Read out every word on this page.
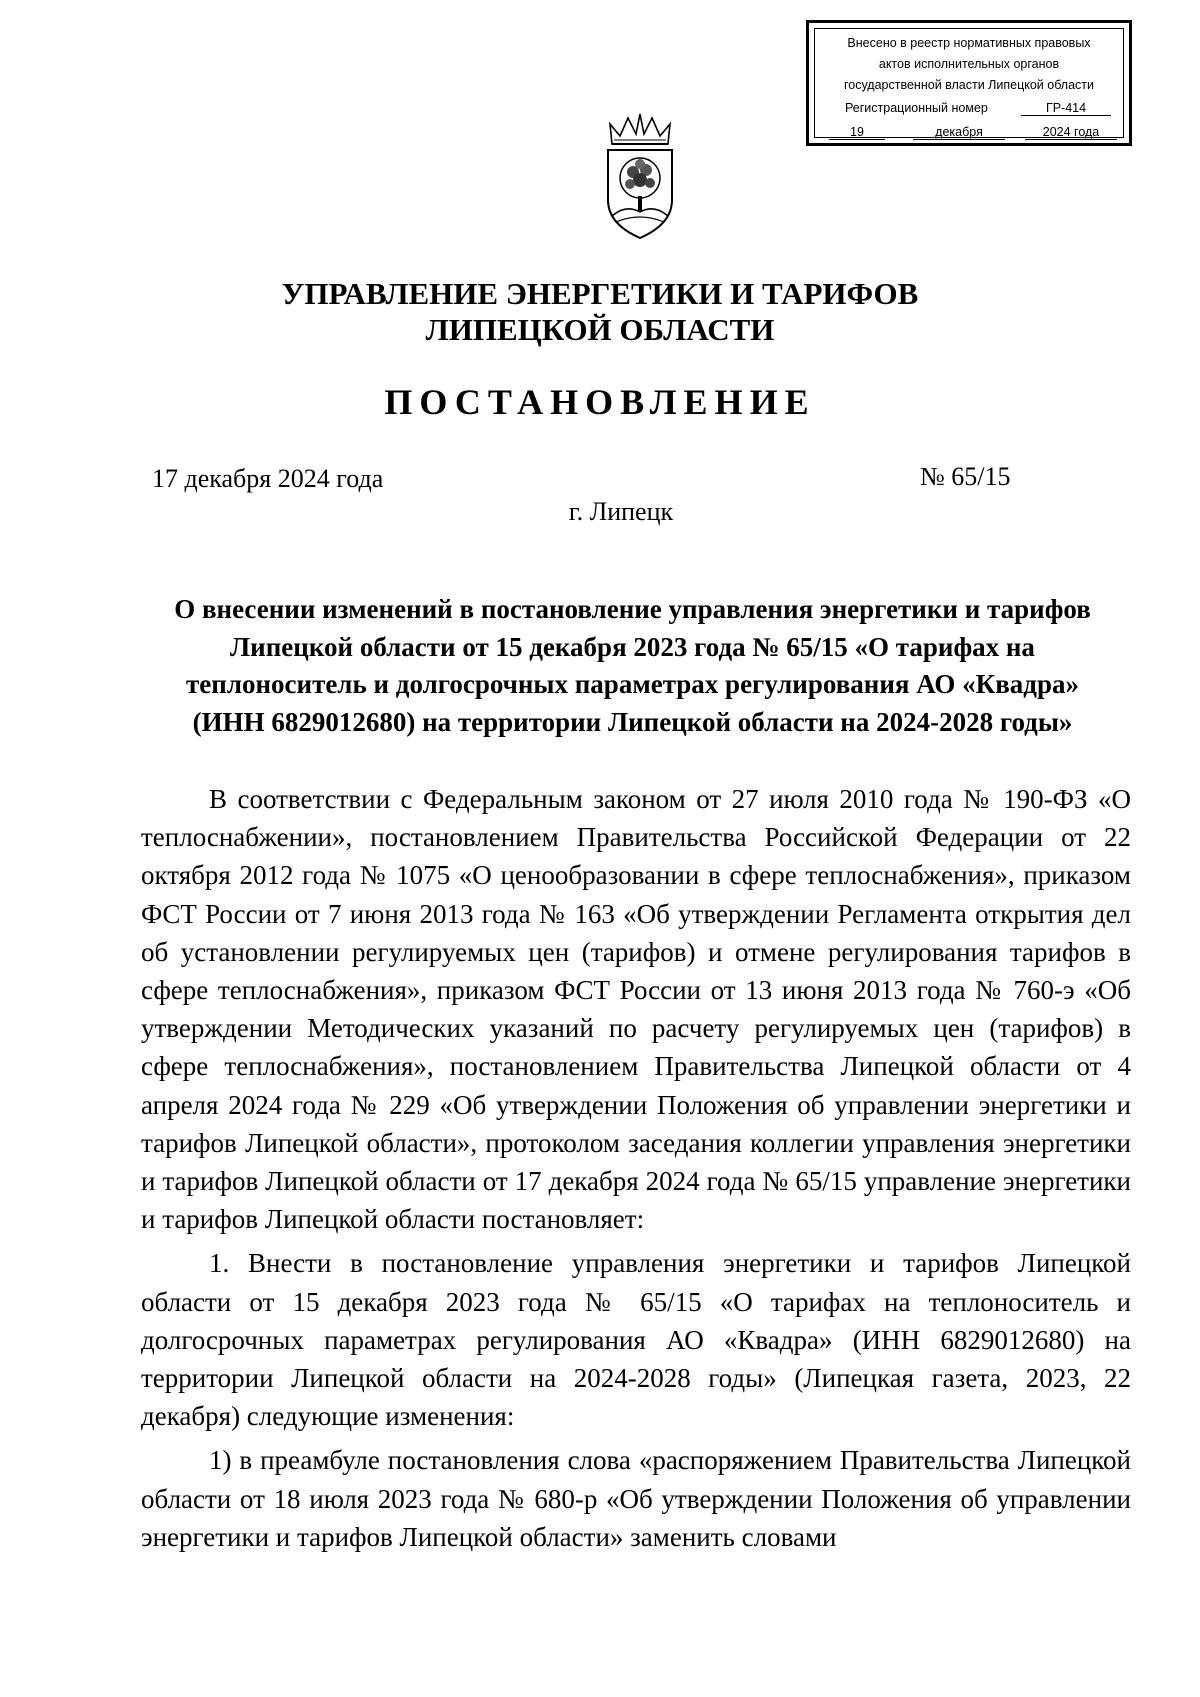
Внесено в реестр нормативных правовых
актов исполнительных органов
государственной власти Липецкой области
Регистрационный номер	ГР-414
19	декабря	2024 года
УПРАВЛЕНИЕ ЭНЕРГЕТИКИ И ТАРИФОВ
ЛИПЕЦКОЙ ОБЛАСТИ
ПОСТАНОВЛЕНИЕ
17 декабря 2024 года	№ 65/15
г. Липецк
О внесении изменений в постановление управления энергетики и тарифов Липецкой области от 15 декабря 2023 года № 65/15 «О тарифах на теплоноситель и долгосрочных параметрах регулирования АО «Квадра» (ИНН 6829012680) на территории Липецкой области на 2024-2028 годы»

В соответствии с Федеральным законом от 27 июля 2010 года № 190-ФЗ «О теплоснабжении», постановлением Правительства Российской Федерации от 22 октября 2012 года № 1075 «О ценообразовании в сфере теплоснабжения», приказом ФСТ России от 7 июня 2013 года № 163 «Об утверждении Регламента открытия дел об установлении регулируемых цен (тарифов) и отмене регулирования тарифов в сфере теплоснабжения», приказом ФСТ России от 13 июня 2013 года № 760-э «Об утверждении Методических указаний по расчету регулируемых цен (тарифов) в сфере теплоснабжения», постановлением Правительства Липецкой области от 4 апреля 2024 года № 229 «Об утверждении Положения об управлении энергетики и тарифов Липецкой области», протоколом заседания коллегии управления энергетики и тарифов Липецкой области от 17 декабря 2024 года № 65/15 управление энергетики и тарифов Липецкой области постановляет:

1. Внести в постановление управления энергетики и тарифов Липецкой области от 15 декабря 2023 года № 65/15 «О тарифах на теплоноситель и долгосрочных параметрах регулирования АО «Квадра» (ИНН 6829012680) на территории Липецкой области на 2024-2028 годы» (Липецкая газета, 2023, 22 декабря) следующие изменения:

1) в преамбуле постановления слова «распоряжением Правительства Липецкой области от 18 июля 2023 года № 680-р «Об утверждении Положения об управлении энергетики и тарифов Липецкой области» заменить словами
